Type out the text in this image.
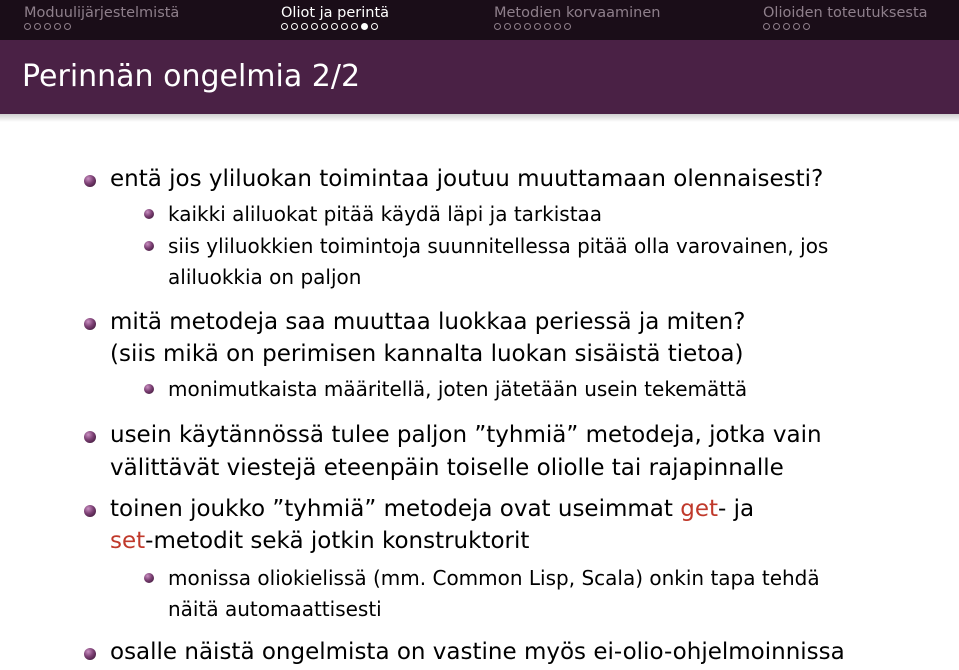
Moduulijärjestelmistä	Oliot ja perintä	Metodien korvaaminen	Olioiden toteutuksesta
Perinnän ongelmia 2/2
entä jos yliluokan toimintaa joutuu muuttamaan olennaisesti?
kaikki aliluokat pitää käydä läpi ja tarkistaa
siis yliluokkien toimintoja suunnitellessa pitää olla varovainen, jos
aliluokkia on paljon
mitä metodeja saa muuttaa luokkaa periessä ja miten?
(siis mikä on perimisen kannalta luokan sisäistä tietoa)
monimutkaista määritellä, joten jätetään usein tekemättä
usein käytännössä tulee paljon ”tyhmiä” metodeja, jotka vain
välittävät viestejä eteenpäin toiselle oliolle tai rajapinnalle
toinen joukko ”tyhmiä” metodeja ovat useimmat get- ja
set-metodit sekä jotkin konstruktorit
monissa oliokielissä (mm. Common Lisp, Scala) onkin tapa tehdä
näitä automaattisesti
osalle näistä ongelmista on vastine myös ei-olio-ohjelmoinnissa
